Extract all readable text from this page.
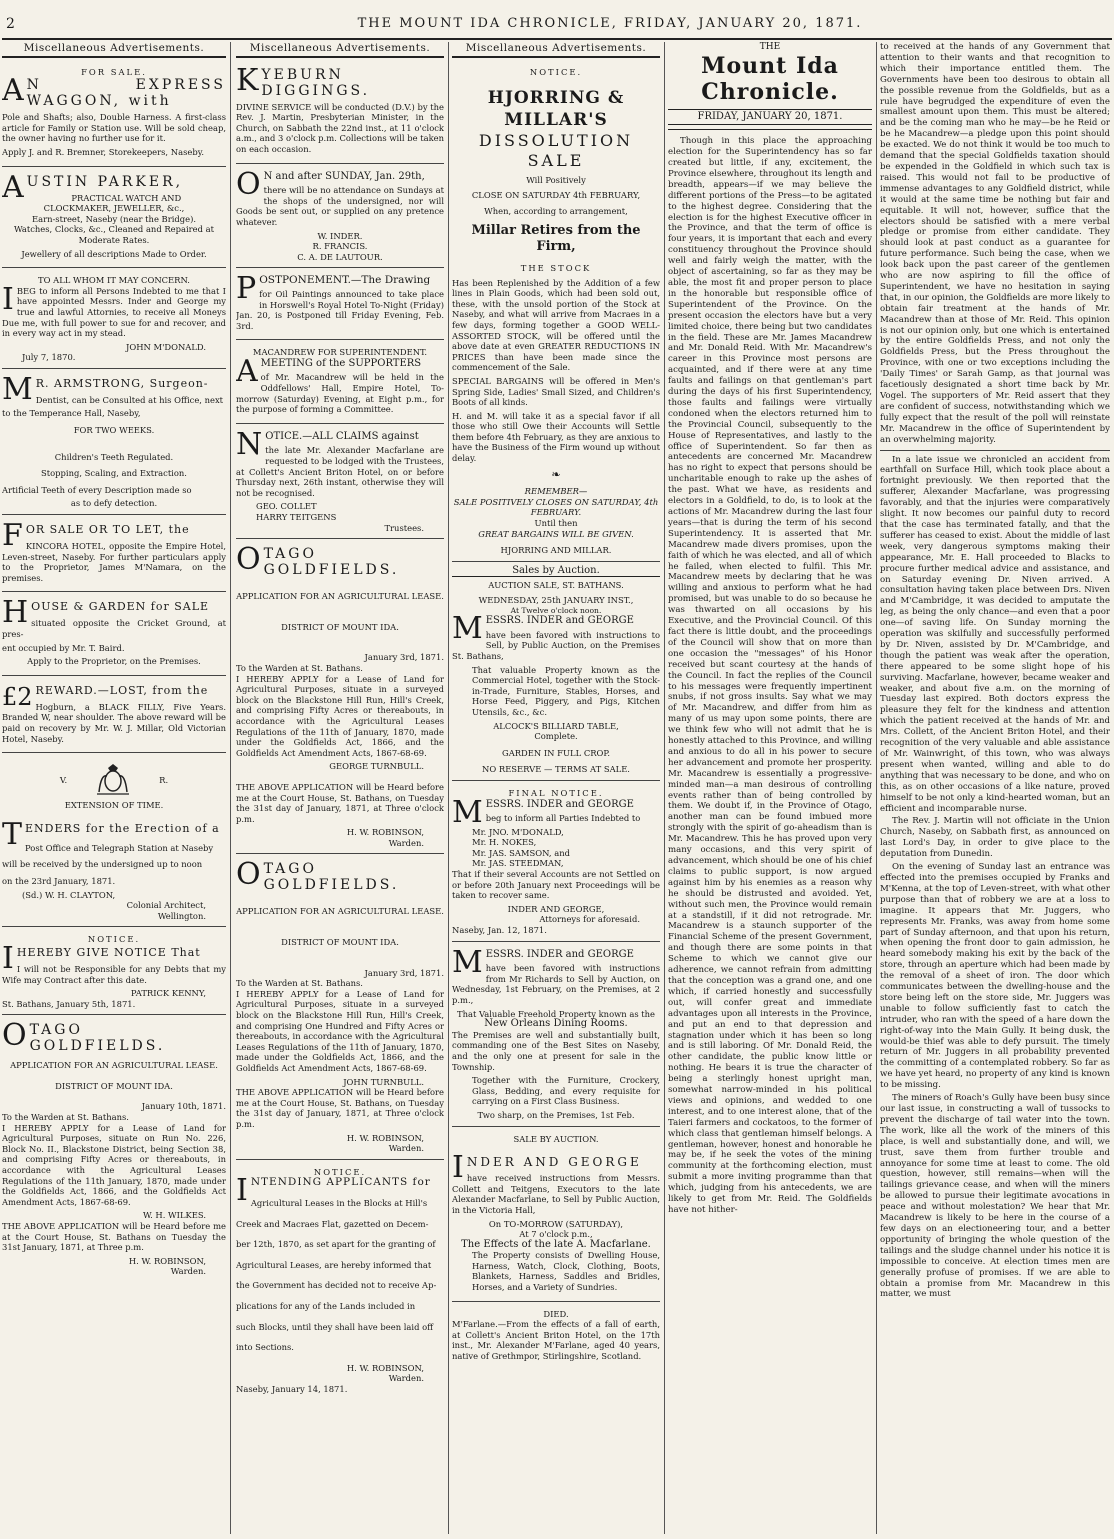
2	THE MOUNT IDA CHRONICLE, FRIDAY, JANUARY 20, 1871.
Miscellaneous Advertisements.
FOR SALE.

A N EXPRESS WAGGON, with

Pole and Shafts; also, Double Harness. A first-class article for Family or Station use. Will be sold cheap, the owner having no further use for it.

Apply J. and R. Bremner, Storekeepers, Naseby.

AUSTIN PARKER,

PRACTICAL WATCH AND
CLOCKMAKER, JEWELLER, &c.,
Earn-street, Naseby (near the Bridge).

Watches, Clocks, &c., Cleaned and Repaired at Moderate Rates.

Jewellery of all descriptions Made to Order.

TO ALL WHOM IT MAY CONCERN.

IBEG to inform all Persons Indebted to me that I have appointed Messrs. Inder and George my true and lawful Attornies, to receive all Moneys Due me, with full power to sue for and recover, and in every way act in my stead.

JOHN M'DONALD.
July 7, 1870.

M R. ARMSTRONG, Surgeon-

Dentist, can be Consulted at his Office, next

to the Temperance Hall, Naseby,

FOR TWO WEEKS.
Children's Teeth Regulated.
Stopping, Scaling, and Extraction.

Artificial Teeth of every Description made so

as to defy detection.

FOR SALE OR TO LET, the

KINCORA HOTEL, opposite the Empire Hotel, Leven-street, Naseby. For further particulars apply to the Proprietor, James M'Namara, on the premises.

HOUSE & GARDEN for SALE

situated opposite the Cricket Ground, at pres-

ent occupied by Mr. T. Baird.

Apply to the Proprietor, on the Premises.

£2 REWARD.—LOST, from the

Hogburn, a BLACK FILLY, Five Years. Branded W, near shoulder. The above reward will be paid on recovery by Mr. W. J. Millar, Old Victorian Hotel, Naseby.

V.	R.
EXTENSION OF TIME.

TENDERS for the Erection of a

Post Office and Telegraph Station at Naseby

will be received by the undersigned up to noon

on the 23rd January, 1871.

(Sd.) W. H. CLAYTON,
Colonial Architect,
Wellington.
NOTICE.

IHEREBY GIVE NOTICE That

I will not be Responsible for any Debts that my Wife may Contract after this date.

PATRICK KENNY,
St. Bathans, January 5th, 1871.

OTAGO GOLDFIELDS.

APPLICATION FOR AN AGRICULTURAL LEASE.
DISTRICT OF MOUNT IDA.
January 10th, 1871.
To the Warden at St. Bathans.

I HEREBY APPLY for a Lease of Land for Agricultural Purposes, situate on Run No. 226, Block No. II., Blackstone District, being Section 38, and comprising Fifty Acres or thereabouts, in accordance with the Agricultural Leases Regulations of the 11th January, 1870, made under the Goldfields Act, 1866, and the Goldfields Act Amendment Acts, 1867-68-69.

W. H. WILKES.

THE ABOVE APPLICATION will be Heard before me at the Court House, St. Bathans on Tuesday the 31st January, 1871, at Three p.m.

H. W. ROBINSON,
Warden.
Miscellaneous Advertisements.

KYEBURN DIGGINGS.

DIVINE SERVICE will be conducted (D.V.) by the Rev. J. Martin, Presbyterian Minister, in the Church, on Sabbath the 22nd inst., at 11 o'clock a.m., and 3 o'clock p.m. Collections will be taken on each occasion.

O N and after SUNDAY, Jan. 29th,

there will be no attendance on Sundays at the shops of the undersigned, nor will Goods be sent out, or supplied on any pretence whatever.

W. INDER.
R. FRANCIS.
C. A. DE LAUTOUR.

POSTPONEMENT.—The Drawing

for Oil Paintings announced to take place in Horswell's Royal Hotel To-Night (Friday) Jan. 20, is Postponed till Friday Evening, Feb. 3rd.

MACANDREW FOR SUPERINTENDENT.

AMEETING of the SUPPORTERS

of Mr. Macandrew will be held in the Oddfellows' Hall, Empire Hotel, To-morrow (Saturday) Evening, at Eight p.m., for the purpose of forming a Committee.

NOTICE.—ALL CLAIMS against

the late Mr. Alexander Macfarlane are requested to be lodged with the Trustees, at Collett's Ancient Briton Hotel, on or before Thursday next, 26th instant, otherwise they will not be recognised.

GEO. COLLET
HARRY TEITGENS
Trustees.

OTAGO GOLDFIELDS.

APPLICATION FOR AN AGRICULTURAL LEASE.
DISTRICT OF MOUNT IDA.
January 3rd, 1871.
To the Warden at St. Bathans.

I HEREBY APPLY for a Lease of Land for Agricultural Purposes, situate in a surveyed block on the Blackstone Hill Run, Hill's Creek, and comprising Fifty Acres or thereabouts, in accordance with the Agricultural Leases Regulations of the 11th of January, 1870, made under the Goldfields Act, 1866, and the Goldfields Act Amendment Acts, 1867-68-69.

GEORGE TURNBULL.

THE ABOVE APPLICATION will be Heard before me at the Court House, St. Bathans, on Tuesday the 31st day of January, 1871, at Three o'clock p.m.

H. W. ROBINSON,
Warden.

OTAGO GOLDFIELDS.

APPLICATION FOR AN AGRICULTURAL LEASE.
DISTRICT OF MOUNT IDA.
January 3rd, 1871.
To the Warden at St. Bathans.

I HEREBY APPLY for a Lease of Land for Agricultural Purposes, situate in a surveyed block on the Blackstone Hill Run, Hill's Creek, and comprising One Hundred and Fifty Acres or thereabouts, in accordance with the Agricultural Leases Regulations of the 11th of January, 1870, made under the Goldfields Act, 1866, and the Goldfields Act Amendment Acts, 1867-68-69.

JOHN TURNBULL.

THE ABOVE APPLICATION will be Heard before me at the Court House, St. Bathans, on Tuesday the 31st day of January, 1871, at Three o'clock p.m.

H. W. ROBINSON,
Warden.
NOTICE.

INTENDING APPLICANTS for

Agricultural Leases in the Blocks at Hill's

Creek and Macraes Flat, gazetted on Decem-

ber 12th, 1870, as set apart for the granting of

Agricultural Leases, are hereby informed that

the Government has decided not to receive Ap-

plications for any of the Lands included in

such Blocks, until they shall have been laid off

into Sections.

H. W. ROBINSON,
Warden.
Naseby, January 14, 1871.
Miscellaneous Advertisements.
NOTICE.
HJORRING & MILLAR'S
DISSOLUTION SALE
Will Positively
CLOSE ON SATURDAY 4th FEBRUARY,
When, according to arrangement,
Millar Retires from the Firm,
THE STOCK

Has been Replenished by the Addition of a few lines in Plain Goods, which had been sold out, these, with the unsold portion of the Stock at Naseby, and what will arrive from Macraes in a few days, forming together a GOOD WELL-ASSORTED STOCK, will be offered until the above date at even GREATER REDUCTIONS IN PRICES than have been made since the commencement of the Sale.

SPECIAL BARGAINS will be offered in Men's Spring Side, Ladies' Small Sized, and Children's Boots of all kinds.

H. and M. will take it as a special favor if all those who still Owe their Accounts will Settle them before 4th February, as they are anxious to have the Business of the Firm wound up without delay.

❧
REMEMBER—
SALE POSITIVELY CLOSES ON SATURDAY, 4th FEBRUARY.
Until then
GREAT BARGAINS WILL BE GIVEN.
HJORRING AND MILLAR.
Sales by Auction.
AUCTION SALE, ST. BATHANS.
WEDNESDAY, 25th JANUARY INST.,
At Twelve o'clock noon.

MESSRS. INDER and GEORGE

have been favored with instructions to Sell, by Public Auction, on the Premises St. Bathans,

That valuable Property known as the Commercial Hotel, together with the Stock-in-Trade, Furniture, Stables, Horses, and Horse Feed, Piggery, and Pigs, Kitchen Utensils, &c., &c.

ALCOCK'S BILLIARD TABLE,
Complete.
GARDEN IN FULL CROP.
NO RESERVE — TERMS AT SALE.
FINAL NOTICE.

MESSRS. INDER and GEORGE

beg to inform all Parties Indebted to

Mr. JNO. M'DONALD,
Mr. H. NOKES,
Mr. JAS. SAMSON, and
Mr. JAS. STEEDMAN,

That if their several Accounts are not Settled on or before 20th January next Proceedings will be taken to recover same.

INDER AND GEORGE,
Attorneys for aforesaid.
Naseby, Jan. 12, 1871.

MESSRS. INDER and GEORGE

have been favored with instructions from Mr Richards to Sell by Auction, on Wednesday, 1st February, on the Premises, at 2 p.m.,

That Valuable Freehold Property known as the
New Orleans Dining Rooms.

The Premises are well and substantially built, commanding one of the Best Sites on Naseby, and the only one at present for sale in the Township.

Together with the Furniture, Crockery, Glass, Bedding, and every requisite for carrying on a First Class Business.

Two sharp, on the Premises, 1st Feb.
SALE BY AUCTION.

INDER AND GEORGE

have received instructions from Messrs. Collett and Teitgens, Executors to the late Alexander Macfarlane, to Sell by Public Auction, in the Victoria Hall,

On TO-MORROW (SATURDAY),
At 7 o'clock p.m.,
The Effects of the late A. Macfarlane.

The Property consists of Dwelling House, Harness, Watch, Clock, Clothing, Boots, Blankets, Harness, Saddles and Bridles, Horses, and a Variety of Sundries.

DIED.

M'Farlane.—From the effects of a fall of earth, at Collett's Ancient Briton Hotel, on the 17th inst., Mr. Alexander M'Farlane, aged 40 years, native of Grethmpor, Stirlingshire, Scotland.

THE
Mount Ida Chronicle.
FRIDAY, JANUARY 20, 1871.

Though in this place the approaching election for the Superintendency has so far created but little, if any, excitement, the Province elsewhere, throughout its length and breadth, appears—if we may believe the different portions of the Press—to be agitated to the highest degree. Considering that the election is for the highest Executive officer in the Province, and that the term of office is four years, it is important that each and every constituency throughout the Province should well and fairly weigh the matter, with the object of ascertaining, so far as they may be able, the most fit and proper person to place in the honorable but responsible office of Superintendent of the Province. On the present occasion the electors have but a very limited choice, there being but two candidates in the field. These are Mr. James Macandrew and Mr. Donald Reid. With Mr. Macandrew's career in this Province most persons are acquainted, and if there were at any time faults and failings on that gentleman's part during the days of his first Superintendency, those faults and failings were virtually condoned when the electors returned him to the Provincial Council, subsequently to the House of Representatives, and lastly to the office of Superintendent. So far then as antecedents are concerned Mr. Macandrew has no right to expect that persons should be uncharitable enough to rake up the ashes of the past. What we have, as residents and electors in a Goldfield, to do, is to look at the actions of Mr. Macandrew during the last four years—that is during the term of his second Superintendency. It is asserted that Mr. Macandrew made divers promises, upon the faith of which he was elected, and all of which he failed, when elected to fulfil. This Mr. Macandrew meets by declaring that he was willing and anxious to perform what he had promised, but was unable to do so because he was thwarted on all occasions by his Executive, and the Provincial Council. Of this fact there is little doubt, and the proceedings of the Council will show that on more than one occasion the "messages" of his Honor received but scant courtesy at the hands of the Council. In fact the replies of the Council to his messages were frequently impertinent snubs, if not gross insults. Say what we may of Mr. Macandrew, and differ from him as many of us may upon some points, there are we think few who will not admit that he is honestly attached to this Province, and willing and anxious to do all in his power to secure her advancement and promote her prosperity. Mr. Macandrew is essentially a progressive-minded man—a man desirous of controlling events rather than of being controlled by them. We doubt if, in the Province of Otago, another man can be found imbued more strongly with the spirit of go-aheadism than is Mr. Macandrew. This he has proved upon very many occasions, and this very spirit of advancement, which should be one of his chief claims to public support, is now argued against him by his enemies as a reason why he should be distrusted and avoided. Yet, without such men, the Province would remain at a standstill, if it did not retrograde. Mr. Macandrew is a staunch supporter of the Financial Scheme of the present Government, and though there are some points in that Scheme to which we cannot give our adherence, we cannot refrain from admitting that the conception was a grand one, and one which, if carried honestly and successfully out, will confer great and immediate advantages upon all interests in the Province, and put an end to that depression and stagnation under which it has been so long and is still laboring. Of Mr. Donald Reid, the other candidate, the public know little or nothing. He bears it is true the character of being a sterlingly honest upright man, somewhat narrow-minded in his political views and opinions, and wedded to one interest, and to one interest alone, that of the Taieri farmers and cockatoos, to the former of which class that gentleman himself belongs. A gentleman, however, honest and honorable he may be, if he seek the votes of the mining community at the forthcoming election, must submit a more inviting programme than that which, judging from his antecedents, we are likely to get from Mr. Reid. The Goldfields have not hither-

to received at the hands of any Government that attention to their wants and that recognition to which their importance entitled them. The Governments have been too desirous to obtain all the possible revenue from the Goldfields, but as a rule have begrudged the expenditure of even the smallest amount upon them. This must be altered; and be the coming man who he may—be he Reid or be he Macandrew—a pledge upon this point should be exacted. We do not think it would be too much to demand that the special Goldfields taxation should be expended in the Goldfield in which such tax is raised. This would not fail to be productive of immense advantages to any Goldfield district, while it would at the same time be nothing but fair and equitable. It will not, however, suffice that the electors should be satisfied with a mere verbal pledge or promise from either candidate. They should look at past conduct as a guarantee for future performance. Such being the case, when we look back upon the past career of the gentlemen who are now aspiring to fill the office of Superintendent, we have no hesitation in saying that, in our opinion, the Goldfields are more likely to obtain fair treatment at the hands of Mr. Macandrew than at those of Mr. Reid. This opinion is not our opinion only, but one which is entertained by the entire Goldfields Press, and not only the Goldfields Press, but the Press throughout the Province, with one or two exceptions including the 'Daily Times' or Sarah Gamp, as that journal was facetiously designated a short time back by Mr. Vogel. The supporters of Mr. Reid assert that they are confident of success, notwithstanding which we fully expect that the result of the poll will reinstate Mr. Macandrew in the office of Superintendent by an overwhelming majority.

In a late issue we chronicled an accident from earthfall on Surface Hill, which took place about a fortnight previously. We then reported that the sufferer, Alexander Macfarlane, was progressing favorably, and that the injuries were comparatively slight. It now becomes our painful duty to record that the case has terminated fatally, and that the sufferer has ceased to exist. About the middle of last week, very dangerous symptoms making their appearance, Mr. E. Hall proceeded to Blacks to procure further medical advice and assistance, and on Saturday evening Dr. Niven arrived. A consultation having taken place between Drs. Niven and M'Cambridge, it was decided to amputate the leg, as being the only chance—and even that a poor one—of saving life. On Sunday morning the operation was skilfully and successfully performed by Dr. Niven, assisted by Dr. M'Cambridge, and though the patient was weak after the operation, there appeared to be some slight hope of his surviving. Macfarlane, however, became weaker and weaker, and about five a.m. on the morning of Tuesday last expired. Both doctors express the pleasure they felt for the kindness and attention which the patient received at the hands of Mr. and Mrs. Collett, of the Ancient Briton Hotel, and their recognition of the very valuable and able assistance of Mr. Wainwright, of this town, who was always present when wanted, willing and able to do anything that was necessary to be done, and who on this, as on other occasions of a like nature, proved himself to be not only a kind-hearted woman, but an efficient and incomparable nurse.

The Rev. J. Martin will not officiate in the Union Church, Naseby, on Sabbath first, as announced on last Lord's Day, in order to give place to the deputation from Dunedin.

On the evening of Sunday last an entrance was effected into the premises occupied by Franks and M'Kenna, at the top of Leven-street, with what other purpose than that of robbery we are at a loss to imagine. It appears that Mr. Juggers, who represents Mr. Franks, was away from home some part of Sunday afternoon, and that upon his return, when opening the front door to gain admission, he heard somebody making his exit by the back of the store, through an aperture which had been made by the removal of a sheet of iron. The door which communicates between the dwelling-house and the store being left on the store side, Mr. Juggers was unable to follow sufficiently fast to catch the intruder, who ran with the speed of a hare down the right-of-way into the Main Gully. It being dusk, the would-be thief was able to defy pursuit. The timely return of Mr. Juggers in all probability prevented the committing of a contemplated robbery. So far as we have yet heard, no property of any kind is known to be missing.

The miners of Roach's Gully have been busy since our last issue, in constructing a wall of tussocks to prevent the discharge of tail water into the town. The work, like all the work of the miners of this place, is well and substantially done, and will, we trust, save them from further trouble and annoyance for some time at least to come. The old question, however, still remains—when will the tailings grievance cease, and when will the miners be allowed to pursue their legitimate avocations in peace and without molestation? We hear that Mr. Macandrew is likely to be here in the course of a few days on an electioneering tour, and a better opportunity of bringing the whole question of the tailings and the sludge channel under his notice it is impossible to conceive. At election times men are generally profuse of promises. If we are able to obtain a promise from Mr. Macandrew in this matter, we must
